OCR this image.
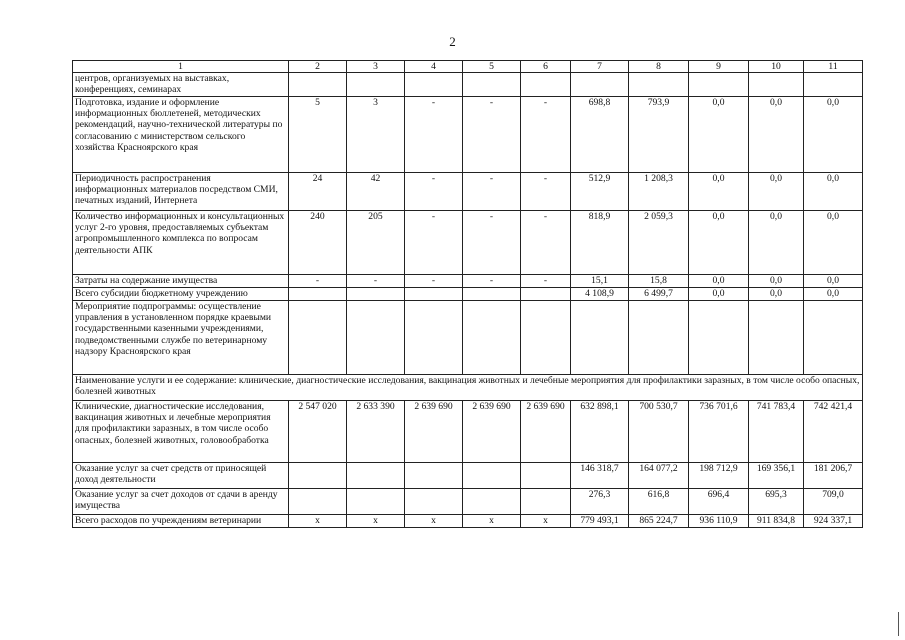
2
1	2	3	4	5	6	7	8	9	10	11
центров, организуемых на выставках, конференциях, семинарах										
Подготовка, издание и оформление информационных бюллетеней, методических рекомендаций, научно-технической литературы по согласованию с министерством сельского хозяйства Красноярского края	5	3	-	-	-	698,8	793,9	0,0	0,0	0,0
Периодичность распространения информационных материалов посредством СМИ, печатных изданий, Интернета	24	42	-	-	-	512,9	1 208,3	0,0	0,0	0,0
Количество информационных и консультационных услуг 2-го уровня, предоставляемых субъектам агропромышленного комплекса по вопросам деятельности АПК	240	205	-	-	-	818,9	2 059,3	0,0	0,0	0,0
Затраты на содержание имущества	-	-	-	-	-	15,1	15,8	0,0	0,0	0,0
Всего субсидии бюджетному учреждению						4 108,9	6 499,7	0,0	0,0	0,0
Мероприятие подпрограммы: осуществление управления в установленном порядке краевыми государственными казенными учреждениями, подведомственными службе по ветеринарному надзору Красноярского края										
Наименование услуги и ее содержание: клинические, диагностические исследования, вакцинация животных и лечебные мероприятия для профилактики заразных, в том числе особо опасных, болезней животных										
Клинические, диагностические исследования, вакцинация животных и лечебные мероприятия для профилактики заразных, в том числе особо опасных, болезней животных, головообработка	2 547 020	2 633 390	2 639 690	2 639 690	2 639 690	632 898,1	700 530,7	736 701,6	741 783,4	742 421,4
Оказание услуг за счет средств от приносящей доход деятельности						146 318,7	164 077,2	198 712,9	169 356,1	181 206,7
Оказание услуг за счет доходов от сдачи в аренду имущества						276,3	616,8	696,4	695,3	709,0
Всего расходов по учреждениям ветеринарии	x	x	x	x	x	779 493,1	865 224,7	936 110,9	911 834,8	924 337,1
